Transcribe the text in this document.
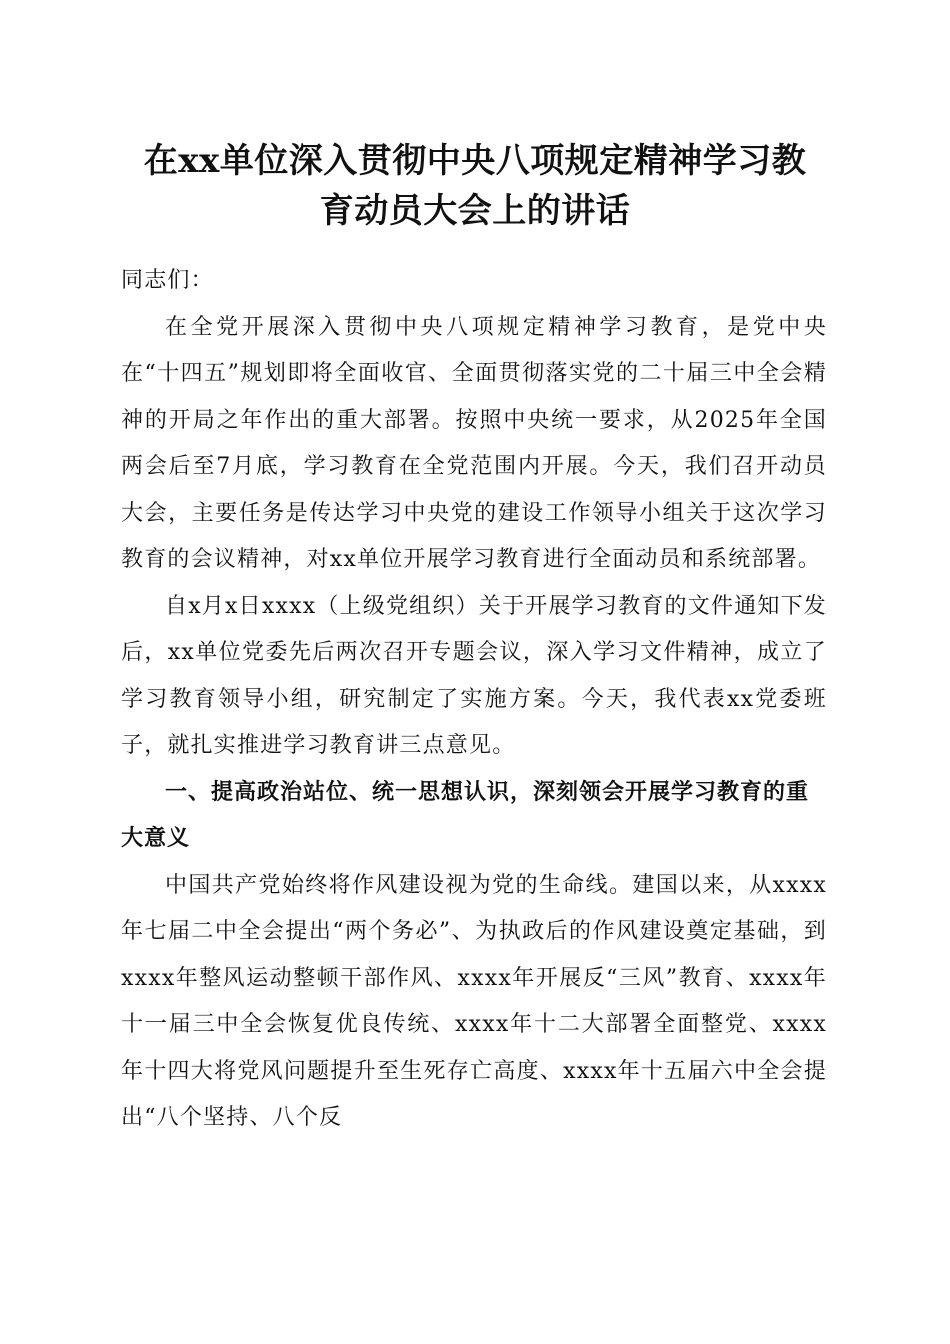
在xx单位深入贯彻中央八项规定精神学习教
育动员大会上的讲话

同志们：

在全党开展深入贯彻中央八项规定精神学习教育，是党中央在“十四五”规划即将全面收官、全面贯彻落实党的二十届三中全会精神的开局之年作出的重大部署。按照中央统一要求，从2025年全国两会后至7月底，学习教育在全党范围内开展。今天，我们召开动员大会，主要任务是传达学习中央党的建设工作领导小组关于这次学习教育的会议精神，对xx单位开展学习教育进行全面动员和系统部署。

自x月x日xxxx（上级党组织）关于开展学习教育的文件通知下发后，xx单位党委先后两次召开专题会议，深入学习文件精神，成立了学习教育领导小组，研究制定了实施方案。今天，我代表xx党委班子，就扎实推进学习教育讲三点意见。

一、提高政治站位、统一思想认识，深刻领会开展学习教育的重大意义

中国共产党始终将作风建设视为党的生命线。建国以来，从xxxx年七届二中全会提出“两个务必”、为执政后的作风建设奠定基础，到xxxx年整风运动整顿干部作风、xxxx年开展反“三风”教育、xxxx年十一届三中全会恢复优良传统、xxxx年十二大部署全面整党、xxxx年十四大将党风问题提升至生死存亡高度、xxxx年十五届六中全会提出“八个坚持、八个反
